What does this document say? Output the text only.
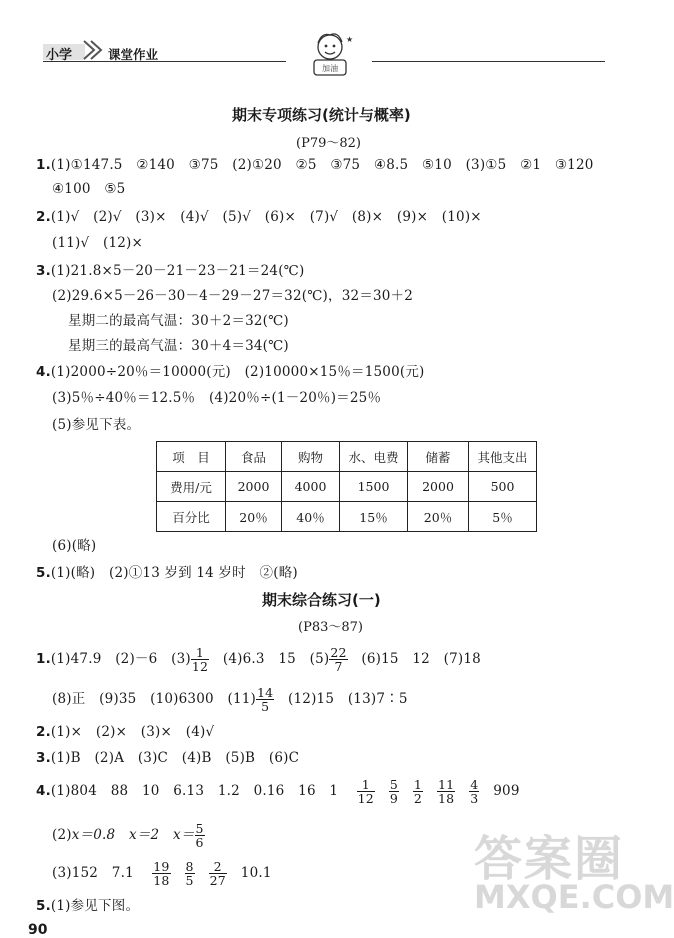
小学	课堂作业
★
加油
期末专项练习(统计与概率)
(P79～82)
1.(1)①147.5　②140　③75　(2)①20　②5　③75　④8.5　⑤10　(3)①5　②1　③120
④100　⑤5
2.(1)√　(2)√　(3)×　(4)√　(5)√　(6)×　(7)√　(8)×　(9)×　(10)×
(11)√　(12)×
3.(1)21.8×5－20－21－23－21＝24(℃)
(2)29.6×5－26－30－4－29－27＝32(℃)，32＝30＋2
星期二的最高气温：30＋2＝32(℃)
星期三的最高气温：30＋4＝34(℃)
4.(1)2000÷20％＝10000(元)　(2)10000×15％＝1500(元)
(3)5％÷40％＝12.5％　(4)20％÷(1－20％)＝25％
(5)参见下表。
项　目	食品	购物	水、电费	储蓄	其他支出
费用/元	2000	4000	1500	2000	500
百分比	20％	40％	15％	20％	5％
(6)(略)
5.(1)(略)　(2)①13 岁到 14 岁时　②(略)
期末综合练习(一)
(P83～87)
1.(1)47.9　(2)－6　$(3) \frac{1}{12}$ 　(4)6.3　15　$(5) \frac{22}{7}$ 　(6)15　12　(7)18
(8)正　(9)35　(10)6300　$(11) \frac{14}{5}$ 　(12)15　(13)7∶5
2.(1)×　(2)×　(3)×　(4)√
3.(1)B　(2)A　(3)C　(4)B　(5)B　(6)C
4.(1)804　88　10　6.13　1.2　0.16　16　1    $\frac{1}{12}$
   $\frac{5}{9}$
   $\frac{1}{2}$
   $\frac{11}{18}$
   $\frac{4}{3}$
   909
(2)x＝0.8　x＝2　$x= \frac{5}{6}$
(3)152　7.1    $\frac{19}{18}$
   $\frac{8}{5}$
   $\frac{2}{27}$
   10.1
5.(1)参见下图。
答案圈
MXQE.COM
90
